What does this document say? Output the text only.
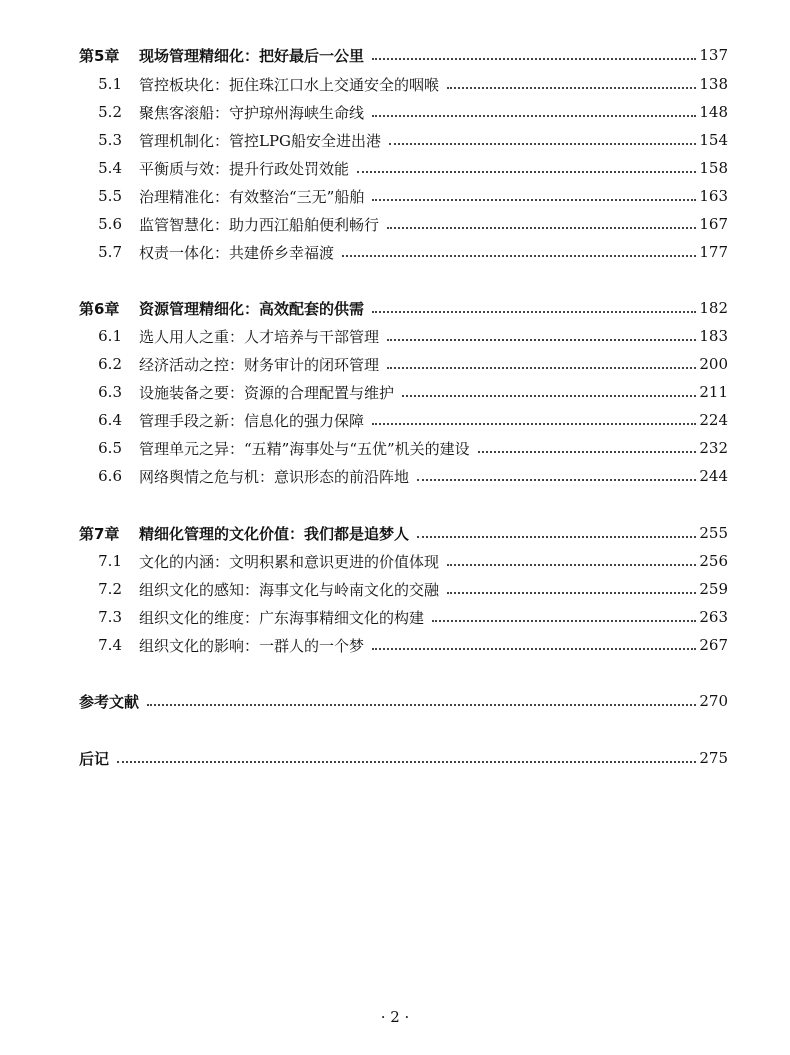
第5章 现场管理精细化：把好最后一公里	137
5.1 管控板块化：扼住珠江口水上交通安全的咽喉	138
5.2 聚焦客滚船：守护琼州海峡生命线	148
5.3 管理机制化：管控LPG船安全进出港	154
5.4 平衡质与效：提升行政处罚效能	158
5.5 治理精准化：有效整治“三无”船舶	163
5.6 监管智慧化：助力西江船舶便利畅行	167
5.7 权责一体化：共建侨乡幸福渡	177
第6章 资源管理精细化：高效配套的供需	182
6.1 选人用人之重：人才培养与干部管理	183
6.2 经济活动之控：财务审计的闭环管理	200
6.3 设施装备之要：资源的合理配置与维护	211
6.4 管理手段之新：信息化的强力保障	224
6.5 管理单元之异：“五精”海事处与“五优”机关的建设	232
6.6 网络舆情之危与机：意识形态的前沿阵地	244
第7章 精细化管理的文化价值：我们都是追梦人	255
7.1 文化的内涵：文明积累和意识更进的价值体现	256
7.2 组织文化的感知：海事文化与岭南文化的交融	259
7.3 组织文化的维度：广东海事精细文化的构建	263
7.4 组织文化的影响：一群人的一个梦	267
参考文献	270
后记	275
· 2 ·
